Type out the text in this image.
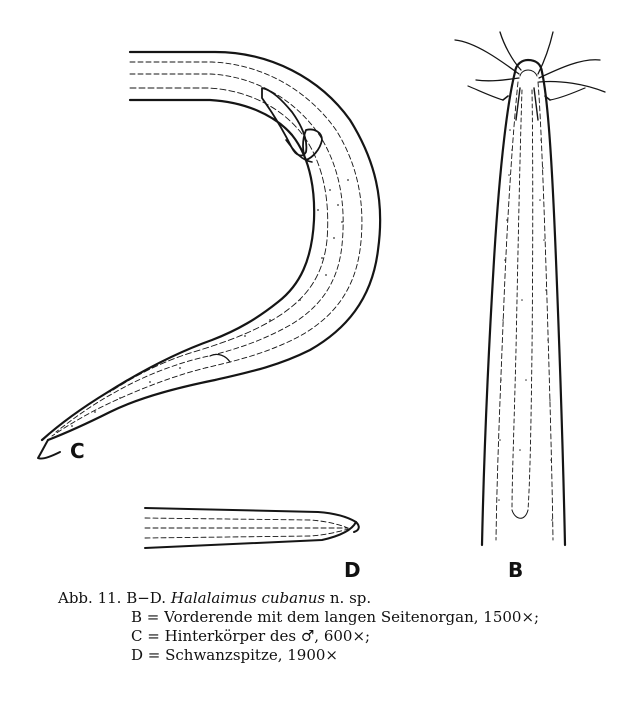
C
D	B
Abb. 11. B−D. Halalaimus cubanus n. sp.
B = Vorderende mit dem langen Seitenorgan, 1500×;
C = Hinterkörper des ♂, 600×;
D = Schwanzspitze, 1900×
